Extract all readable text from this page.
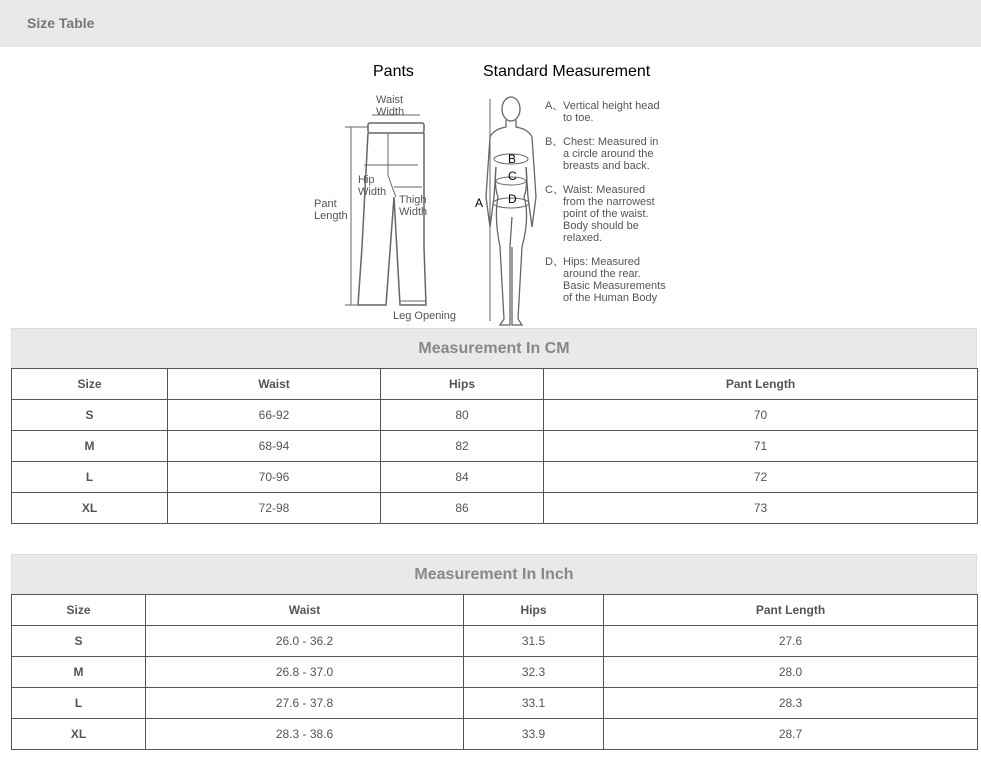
Size Table
Pants	Standard Measurement
Waist
Width
Hip
Width
Thigh
Width
Pant
Length
Leg Opening
A
B
C
D
A、 Vertical height head
to toe.
B、 Chest: Measured in
a circle around the
breasts and back.
C、 Waist: Measured
from the narrowest
point of the waist.
Body should be
relaxed.
D、 Hips: Measured
around the rear.
Basic Measurements
of the Human Body
Measurement In CM
Size	Waist	Hips	Pant Length
S	66-92	80	70
M	68-94	82	71
L	70-96	84	72
XL	72-98	86	73
Measurement In Inch
Size	Waist	Hips	Pant Length
S	26.0 - 36.2	31.5	27.6
M	26.8 - 37.0	32.3	28.0
L	27.6 - 37.8	33.1	28.3
XL	28.3 - 38.6	33.9	28.7
